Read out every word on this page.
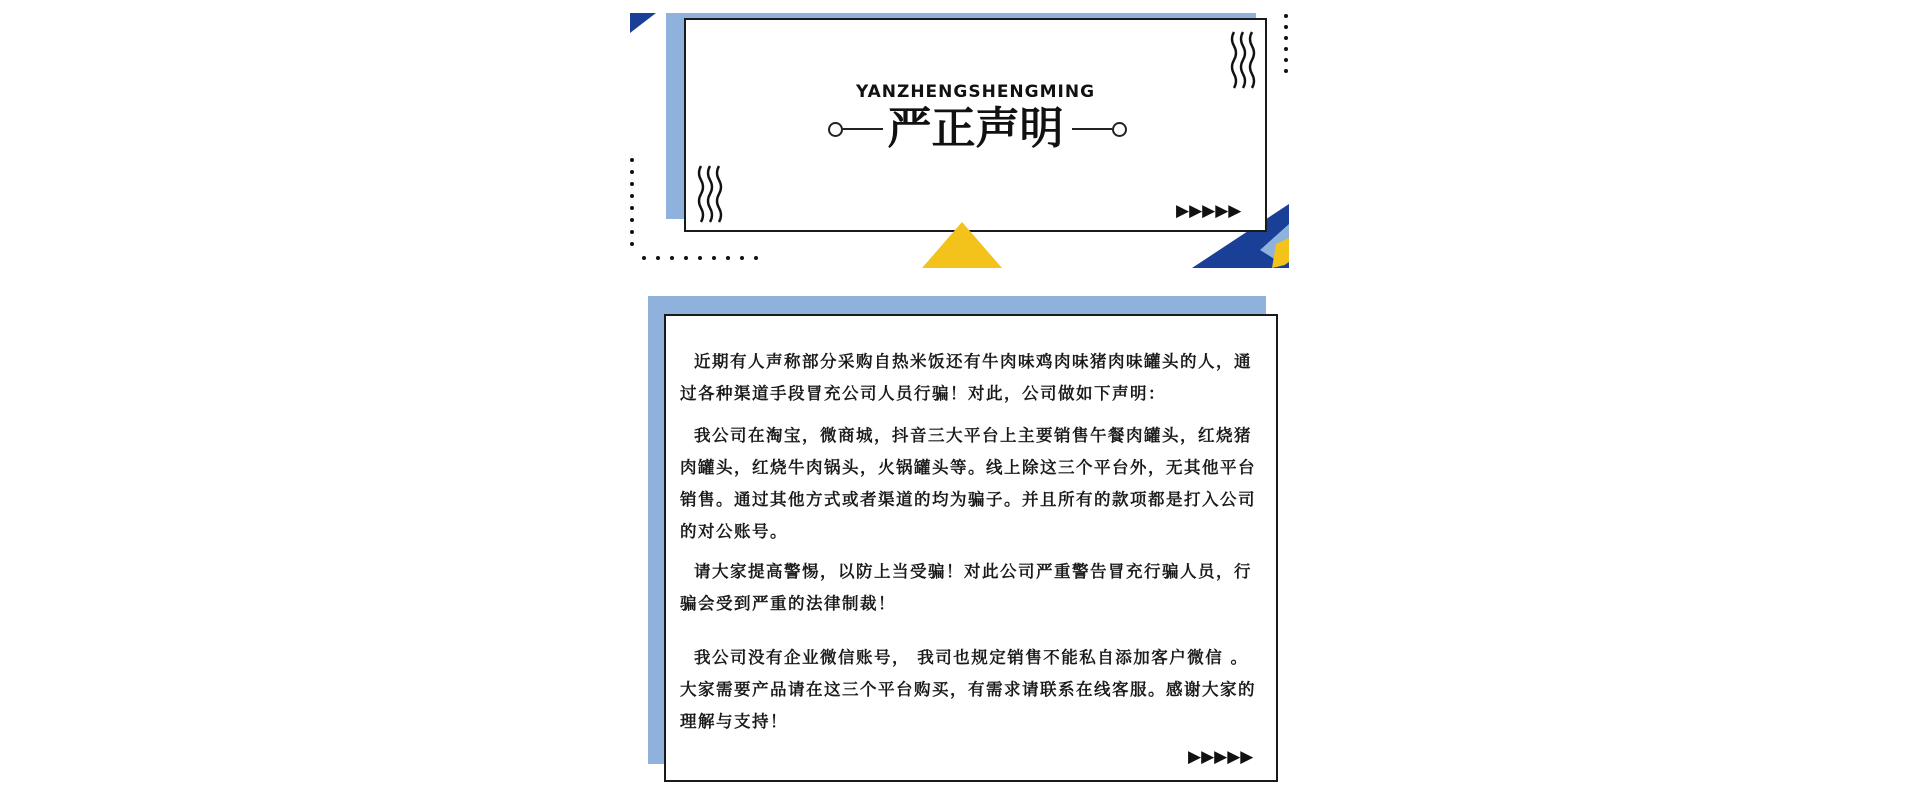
YANZHENGSHENGMING
严正声明
▶▶▶▶▶
近期有人声称部分采购自热米饭还有牛肉味鸡肉味猪肉味罐头的人，通过各种渠道手段冒充公司人员行骗！对此，公司做如下声明：
我公司在淘宝，微商城，抖音三大平台上主要销售午餐肉罐头，红烧猪肉罐头，红烧牛肉锅头，火锅罐头等。线上除这三个平台外，无其他平台销售。通过其他方式或者渠道的均为骗子。并且所有的款项都是打入公司的对公账号。
请大家提高警惕，以防上当受骗！对此公司严重警告冒充行骗人员，行骗会受到严重的法律制裁！
我公司没有企业微信账号， 我司也规定销售不能私自添加客户微信 。大家需要产品请在这三个平台购买，有需求请联系在线客服。感谢大家的理解与支持！
▶▶▶▶▶
